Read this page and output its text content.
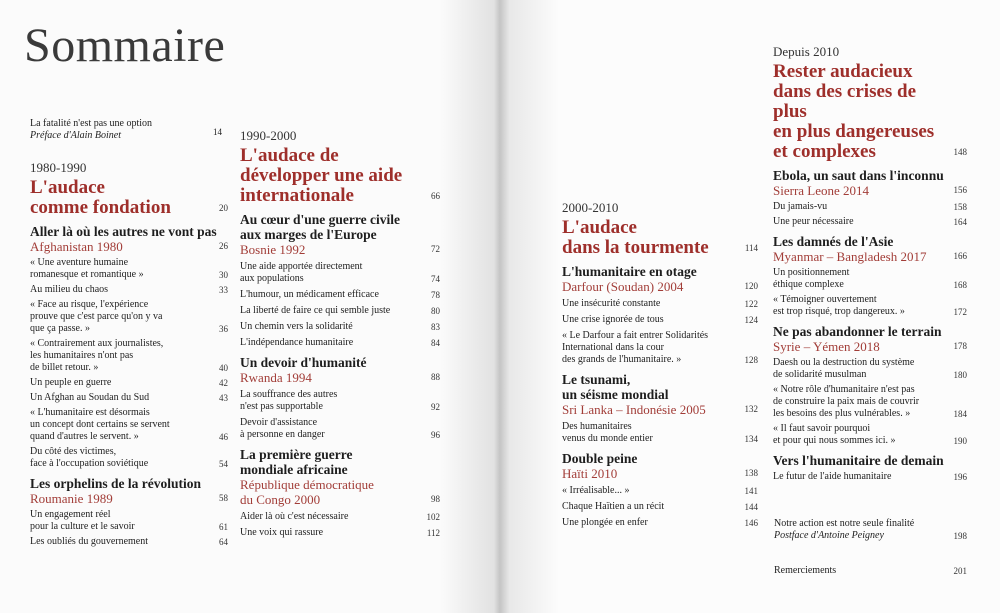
Sommaire
La fatalité n'est pas une option
Préface d'Alain Boinet	14
1980-1990
L'audace
comme fondation	20
Aller là où les autres ne vont pas
Afghanistan 1980	26
« Une aventure humaine
romanesque et romantique »	30
Au milieu du chaos	33
« Face au risque, l'expérience
prouve que c'est parce qu'on y va
que ça passe. »	36
« Contrairement aux journalistes,
les humanitaires n'ont pas
de billet retour. »	40
Un peuple en guerre	42
Un Afghan au Soudan du Sud	43
« L'humanitaire est désormais
un concept dont certains se servent
quand d'autres le servent. »	46
Du côté des victimes,
face à l'occupation soviétique	54
Les orphelins de la révolution
Roumanie 1989	58
Un engagement réel
pour la culture et le savoir	61
Les oubliés du gouvernement	64
1990-2000
L'audace de
développer une aide
internationale	66
Au cœur d'une guerre civile
aux marges de l'Europe
Bosnie 1992	72
Une aide apportée directement
aux populations	74
L'humour, un médicament efficace	78
La liberté de faire ce qui semble juste	80
Un chemin vers la solidarité	83
L'indépendance humanitaire	84
Un devoir d'humanité
Rwanda 1994	88
La souffrance des autres
n'est pas supportable	92
Devoir d'assistance
à personne en danger	96
La première guerre
mondiale africaine
République démocratique
du Congo 2000	98
Aider là où c'est nécessaire	102
Une voix qui rassure	112
2000-2010
L'audace
dans la tourmente	114
L'humanitaire en otage
Darfour (Soudan) 2004	120
Une insécurité constante	122
Une crise ignorée de tous	124
« Le Darfour a fait entrer Solidarités
International dans la cour
des grands de l'humanitaire. »	128
Le tsunami,
un séisme mondial
Sri Lanka – Indonésie 2005	132
Des humanitaires
venus du monde entier	134
Double peine
Haïti 2010	138
« Irréalisable... »	141
Chaque Haïtien a un récit	144
Une plongée en enfer	146
Depuis 2010
Rester audacieux
dans des crises de plus
en plus dangereuses
et complexes	148
Ebola, un saut dans l'inconnu
Sierra Leone 2014	156
Du jamais-vu	158
Une peur nécessaire	164
Les damnés de l'Asie
Myanmar – Bangladesh 2017	166
Un positionnement
éthique complexe	168
« Témoigner ouvertement
est trop risqué, trop dangereux. »	172
Ne pas abandonner le terrain
Syrie – Yémen 2018	178
Daesh ou la destruction du système
de solidarité musulman	180
« Notre rôle d'humanitaire n'est pas
de construire la paix mais de couvrir
les besoins des plus vulnérables. »	184
« Il faut savoir pourquoi
et pour qui nous sommes ici. »	190
Vers l'humanitaire de demain
Le futur de l'aide humanitaire	196
Notre action est notre seule finalité
Postface d'Antoine Peigney	198
Remerciements	201
